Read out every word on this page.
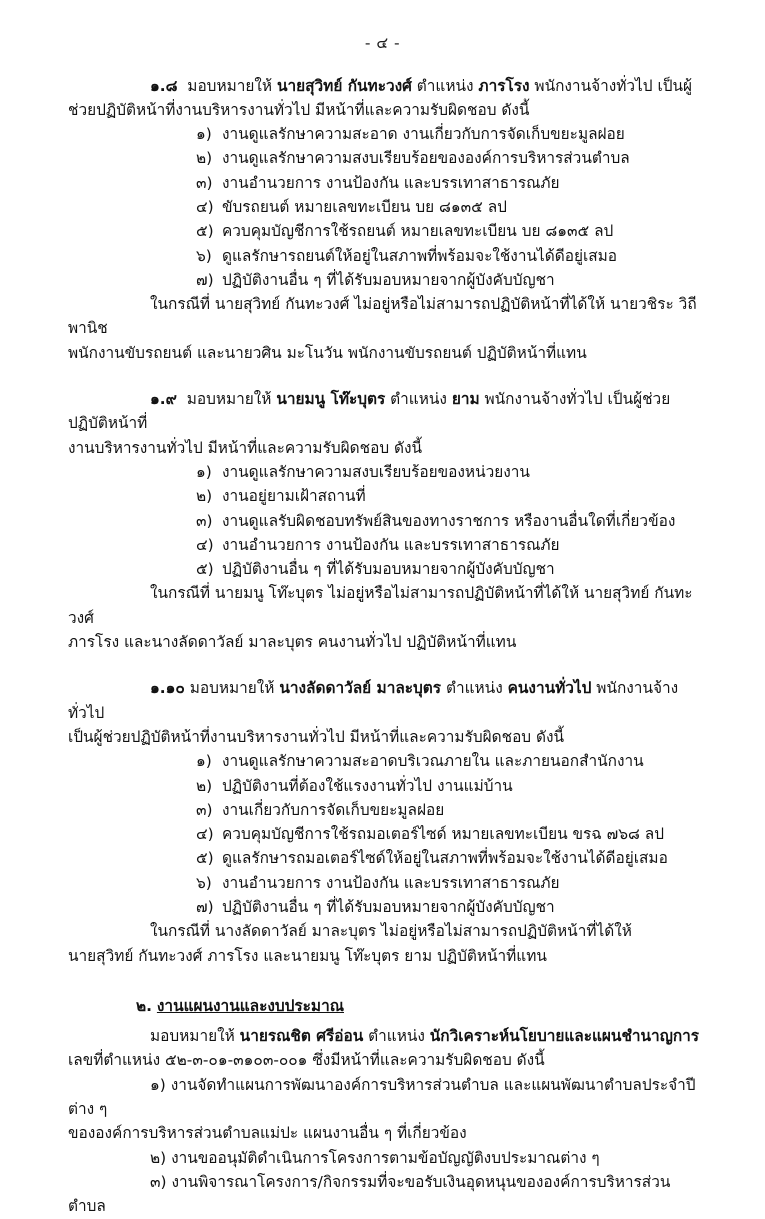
- ๔ -

๑.๘ มอบหมายให้ นายสุวิทย์ กันทะวงศ์ ตำแหน่ง ภารโรง พนักงานจ้างทั่วไป เป็นผู้ช่วยปฏิบัติหน้าที่งานบริหารงานทั่วไป มีหน้าที่และความรับผิดชอบ ดังนี้

๑) งานดูแลรักษาความสะอาด งานเกี่ยวกับการจัดเก็บขยะมูลฝอย

๒) งานดูแลรักษาความสงบเรียบร้อยขององค์การบริหารส่วนตำบล

๓) งานอำนวยการ งานป้องกัน และบรรเทาสาธารณภัย

๔) ขับรถยนต์ หมายเลขทะเบียน บย ๘๑๓๕ ลป

๕) ควบคุมบัญชีการใช้รถยนต์ หมายเลขทะเบียน บย ๘๑๓๕ ลป

๖) ดูแลรักษารถยนต์ให้อยู่ในสภาพที่พร้อมจะใช้งานได้ดีอยู่เสมอ

๗) ปฏิบัติงานอื่น ๆ ที่ได้รับมอบหมายจากผู้บังคับบัญชา

ในกรณีที่ นายสุวิทย์ กันทะวงศ์ ไม่อยู่หรือไม่สามารถปฏิบัติหน้าที่ได้ให้ นายวชิระ วิถีพานิช

พนักงานขับรถยนต์ และนายวศิน มะโนวัน พนักงานขับรถยนต์ ปฏิบัติหน้าที่แทน

๑.๙ มอบหมายให้ นายมนู โท๊ะบุตร ตำแหน่ง ยาม พนักงานจ้างทั่วไป เป็นผู้ช่วยปฏิบัติหน้าที่

งานบริหารงานทั่วไป มีหน้าที่และความรับผิดชอบ ดังนี้

๑) งานดูแลรักษาความสงบเรียบร้อยของหน่วยงาน

๒) งานอยู่ยามเฝ้าสถานที่

๓) งานดูแลรับผิดชอบทรัพย์สินของทางราชการ หรืองานอื่นใดที่เกี่ยวข้อง

๔) งานอำนวยการ งานป้องกัน และบรรเทาสาธารณภัย

๕) ปฏิบัติงานอื่น ๆ ที่ได้รับมอบหมายจากผู้บังคับบัญชา

ในกรณีที่ นายมนู โท๊ะบุตร ไม่อยู่หรือไม่สามารถปฏิบัติหน้าที่ได้ให้ นายสุวิทย์ กันทะวงศ์

ภารโรง และนางลัดดาวัลย์ มาละบุตร คนงานทั่วไป ปฏิบัติหน้าที่แทน

๑.๑๐ มอบหมายให้ นางลัดดาวัลย์ มาละบุตร ตำแหน่ง คนงานทั่วไป พนักงานจ้างทั่วไป

เป็นผู้ช่วยปฏิบัติหน้าที่งานบริหารงานทั่วไป มีหน้าที่และความรับผิดชอบ ดังนี้

๑) งานดูแลรักษาความสะอาดบริเวณภายใน และภายนอกสำนักงาน

๒) ปฏิบัติงานที่ต้องใช้แรงงานทั่วไป งานแม่บ้าน

๓) งานเกี่ยวกับการจัดเก็บขยะมูลฝอย

๔) ควบคุมบัญชีการใช้รถมอเตอร์ไซด์ หมายเลขทะเบียน ขรฉ ๗๖๘ ลป

๕) ดูแลรักษารถมอเตอร์ไซด์ให้อยู่ในสภาพที่พร้อมจะใช้งานได้ดีอยู่เสมอ

๖) งานอำนวยการ งานป้องกัน และบรรเทาสาธารณภัย

๗) ปฏิบัติงานอื่น ๆ ที่ได้รับมอบหมายจากผู้บังคับบัญชา

ในกรณีที่ นางลัดดาวัลย์ มาละบุตร ไม่อยู่หรือไม่สามารถปฏิบัติหน้าที่ได้ให้

นายสุวิทย์ กันทะวงศ์ ภารโรง และนายมนู โท๊ะบุตร ยาม ปฏิบัติหน้าที่แทน

๒. งานแผนงานและงบประมาณ

มอบหมายให้ นายรณชิต ศรีอ่อน ตำแหน่ง นักวิเคราะห์นโยบายและแผนชำนาญการ

เลขที่ตำแหน่ง ๕๒-๓-๐๑-๓๑๐๓-๐๐๑ ซึ่งมีหน้าที่และความรับผิดชอบ ดังนี้

๑) งานจัดทำแผนการพัฒนาองค์การบริหารส่วนตำบล และแผนพัฒนาตำบลประจำปีต่าง ๆ

ขององค์การบริหารส่วนตำบลแม่ปะ แผนงานอื่น ๆ ที่เกี่ยวข้อง

๒) งานขออนุมัติดำเนินการโครงการตามข้อบัญญัติงบประมาณต่าง ๆ

๓) งานพิจารณาโครงการ/กิจกรรมที่จะขอรับเงินอุดหนุนขององค์การบริหารส่วนตำบล
